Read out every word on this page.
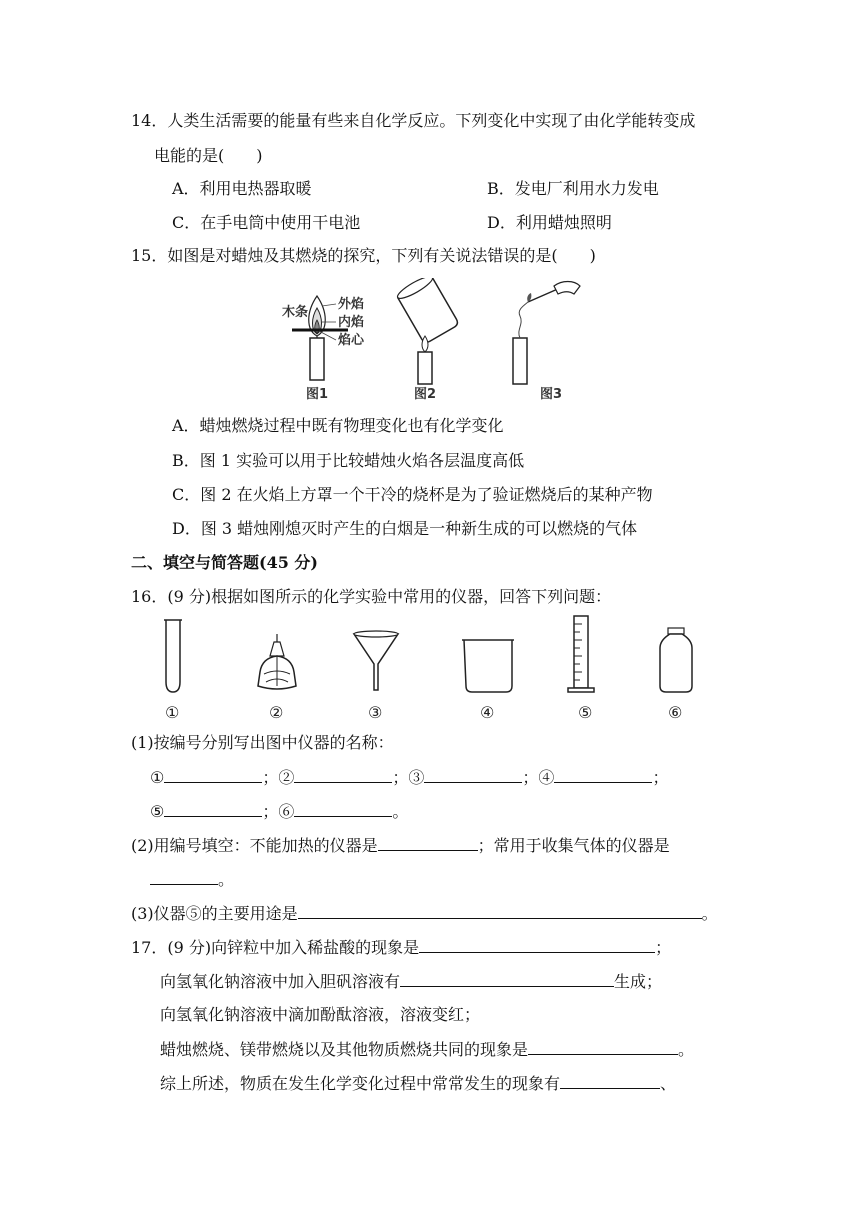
14．人类生活需要的能量有些来自化学反应。下列变化中实现了由化学能转变成
电能的是(　　)
A．利用电热器取暖	B．发电厂利用水力发电
C．在手电筒中使用干电池	D．利用蜡烛照明
15．如图是对蜡烛及其燃烧的探究，下列有关说法错误的是(　　)
木条
外焰
内焰
焰心
图1	图2	图3
A．蜡烛燃烧过程中既有物理变化也有化学变化
B．图 1 实验可以用于比较蜡烛火焰各层温度高低
C．图 2 在火焰上方罩一个干冷的烧杯是为了验证燃烧后的某种产物
D．图 3 蜡烛刚熄灭时产生的白烟是一种新生成的可以燃烧的气体
二、填空与简答题(45 分)
16．(9 分)根据如图所示的化学实验中常用的仪器，回答下列问题：
①	②	③	④	⑤	⑥
(1)按编号分别写出图中仪器的名称：
①	；②	；③	；④	；
⑤	；⑥	。
(2)用编号填空：不能加热的仪器是	；常用于收集气体的仪器是
。
(3)仪器⑤的主要用途是	。
17．(9 分)向锌粒中加入稀盐酸的现象是	；
向氢氧化钠溶液中加入胆矾溶液有	生成；
向氢氧化钠溶液中滴加酚酞溶液，溶液变红；
蜡烛燃烧、镁带燃烧以及其他物质燃烧共同的现象是	。
综上所述，物质在发生化学变化过程中常常发生的现象有	、
